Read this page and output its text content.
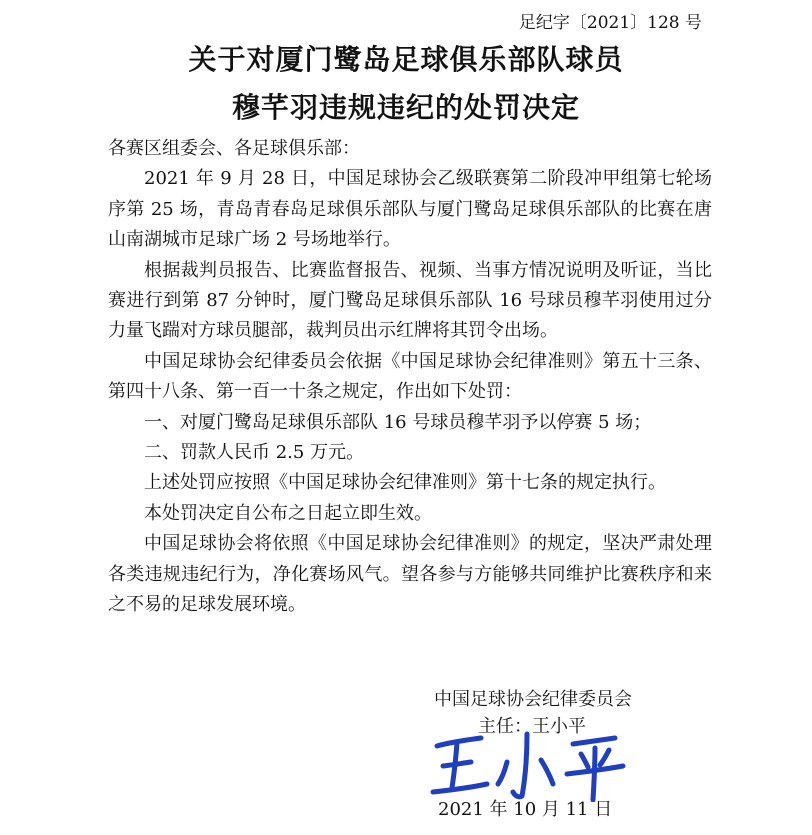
足纪字〔2021〕128 号
关于对厦门鹭岛足球俱乐部队球员
穆芊羽违规违纪的处罚决定

各赛区组委会、各足球俱乐部：

2021 年 9 月 28 日，中国足球协会乙级联赛第二阶段冲甲组第七轮场序第 25 场，青岛青春岛足球俱乐部队与厦门鹭岛足球俱乐部队的比赛在唐山南湖城市足球广场 2 号场地举行。

根据裁判员报告、比赛监督报告、视频、当事方情况说明及听证，当比赛进行到第 87 分钟时，厦门鹭岛足球俱乐部队 16 号球员穆芊羽使用过分力量飞踹对方球员腿部，裁判员出示红牌将其罚令出场。

中国足球协会纪律委员会依据《中国足球协会纪律准则》第五十三条、第四十八条、第一百一十条之规定，作出如下处罚：

一、对厦门鹭岛足球俱乐部队 16 号球员穆芊羽予以停赛 5 场；

二、罚款人民币 2.5 万元。

上述处罚应按照《中国足球协会纪律准则》第十七条的规定执行。

本处罚决定自公布之日起立即生效。

中国足球协会将依照《中国足球协会纪律准则》的规定，坚决严肃处理各类违规违纪行为，净化赛场风气。望各参与方能够共同维护比赛秩序和来之不易的足球发展环境。

中国足球协会纪律委员会
主任：王小平
2021 年 10 月 11 日
